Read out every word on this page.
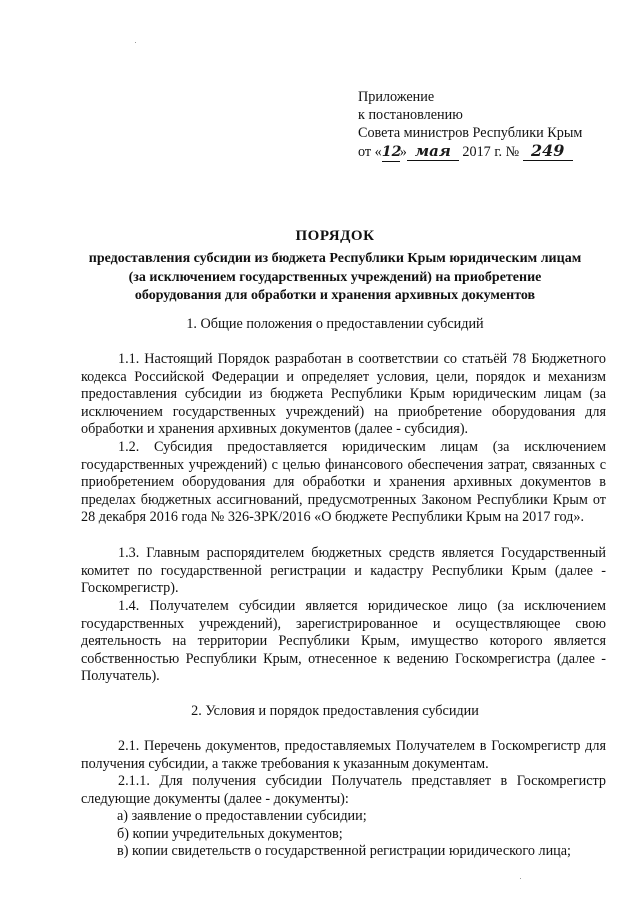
Приложение
к постановлению
Совета министров Республики Крым
от «12» мая 2017 г. № 249
ПОРЯДОК
предоставления субсидии из бюджета Республики Крым юридическим лицам
(за исключением государственных учреждений) на приобретение
оборудования для обработки и хранения архивных документов
1. Общие положения о предоставлении субсидий
1.1. Настоящий Порядок разработан в соответствии со статьёй 78 Бюджетного кодекса Российской Федерации и определяет условия, цели, порядок и механизм предоставления субсидии из бюджета Республики Крым юридическим лицам (за исключением государственных учреждений) на приобретение оборудования для обработки и хранения архивных документов (далее - субсидия).
1.2. Субсидия предоставляется юридическим лицам (за исключением государственных учреждений) с целью финансового обеспечения затрат, связанных с приобретением оборудования для обработки и хранения архивных документов в пределах бюджетных ассигнований, предусмотренных Законом Республики Крым от 28 декабря 2016 года № 326-ЗРК/2016 «О бюджете Республики Крым на 2017 год».
1.3. Главным распорядителем бюджетных средств является Государственный комитет по государственной регистрации и кадастру Республики Крым (далее - Госкомрегистр).
1.4. Получателем субсидии является юридическое лицо (за исключением государственных учреждений), зарегистрированное и осуществляющее свою деятельность на территории Республики Крым, имущество которого является собственностью Республики Крым, отнесенное к ведению Госкомрегистра (далее - Получатель).
2. Условия и порядок предоставления субсидии
2.1. Перечень документов, предоставляемых Получателем в Госкомрегистр для получения субсидии, а также требования к указанным документам.
2.1.1. Для получения субсидии Получатель представляет в Госкомрегистр следующие документы (далее - документы):
а) заявление о предоставлении субсидии;
б) копии учредительных документов;
в) копии свидетельств о государственной регистрации юридического лица;
